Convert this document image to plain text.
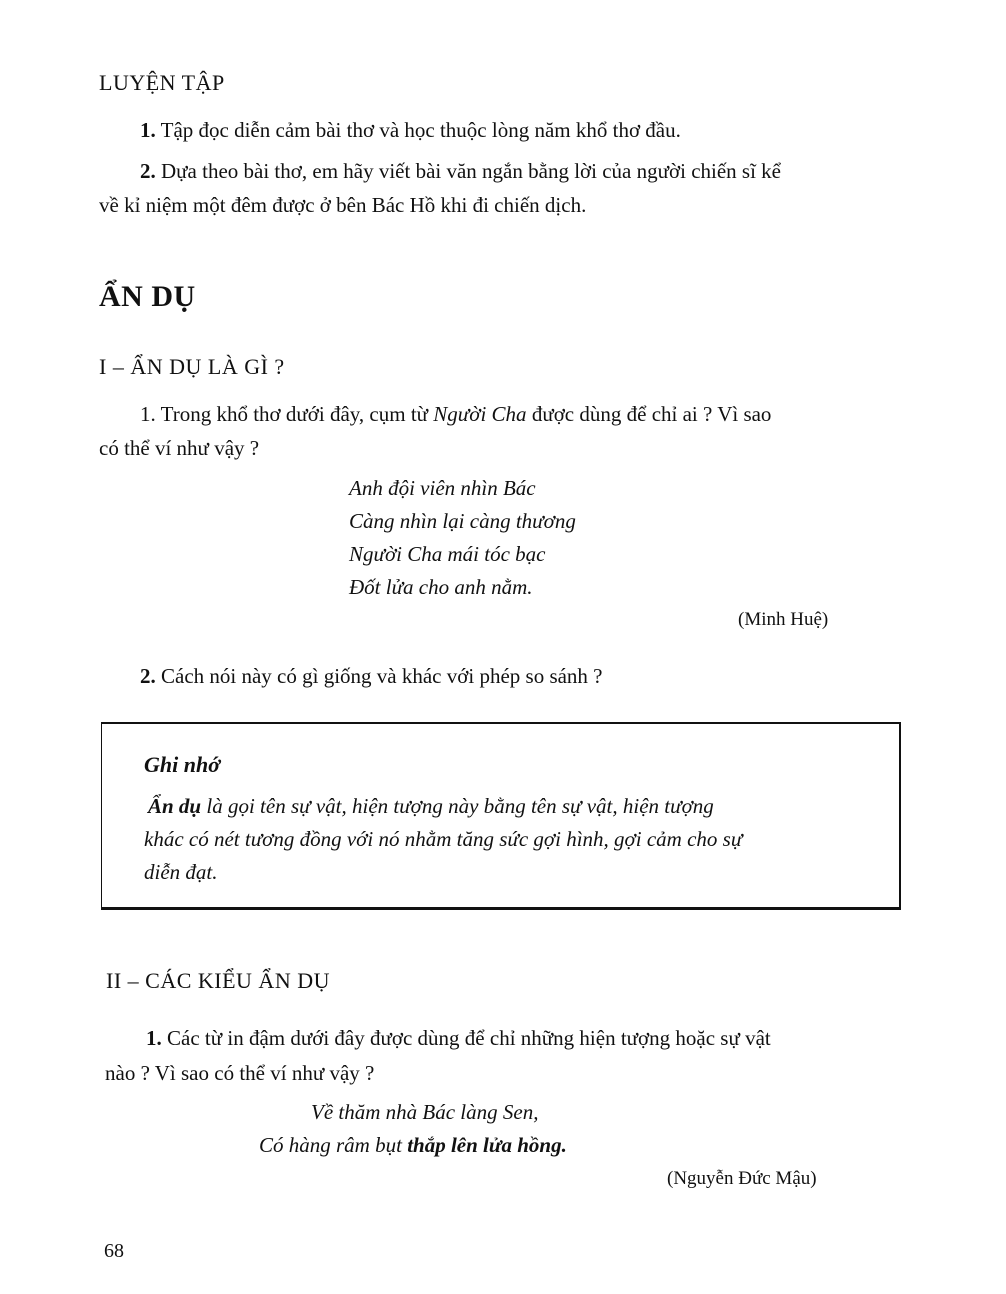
LUYỆN TẬP
1. Tập đọc diễn cảm bài thơ và học thuộc lòng năm khổ thơ đầu.
2. Dựa theo bài thơ, em hãy viết bài văn ngắn bằng lời của người chiến sĩ kể
về kỉ niệm một đêm được ở bên Bác Hồ khi đi chiến dịch.
ẨN DỤ
I – ẨN DỤ LÀ GÌ ?
1. Trong khổ thơ dưới đây, cụm từ Người Cha được dùng để chỉ ai ? Vì sao
có thể ví như vậy ?
Anh đội viên nhìn Bác
Càng nhìn lại càng thương
Người Cha mái tóc bạc
Đốt lửa cho anh nằm.
(Minh Huệ)
2. Cách nói này có gì giống và khác với phép so sánh ?
Ghi nhớ
Ẩn dụ là gọi tên sự vật, hiện tượng này bằng tên sự vật, hiện tượng
khác có nét tương đồng với nó nhằm tăng sức gợi hình, gợi cảm cho sự
diễn đạt.
II – CÁC KIỂU ẨN DỤ
1. Các từ in đậm dưới đây được dùng để chỉ những hiện tượng hoặc sự vật
nào ? Vì sao có thể ví như vậy ?
Về thăm nhà Bác làng Sen,
Có hàng râm bụt thắp lên lửa hồng.
(Nguyễn Đức Mậu)
68
